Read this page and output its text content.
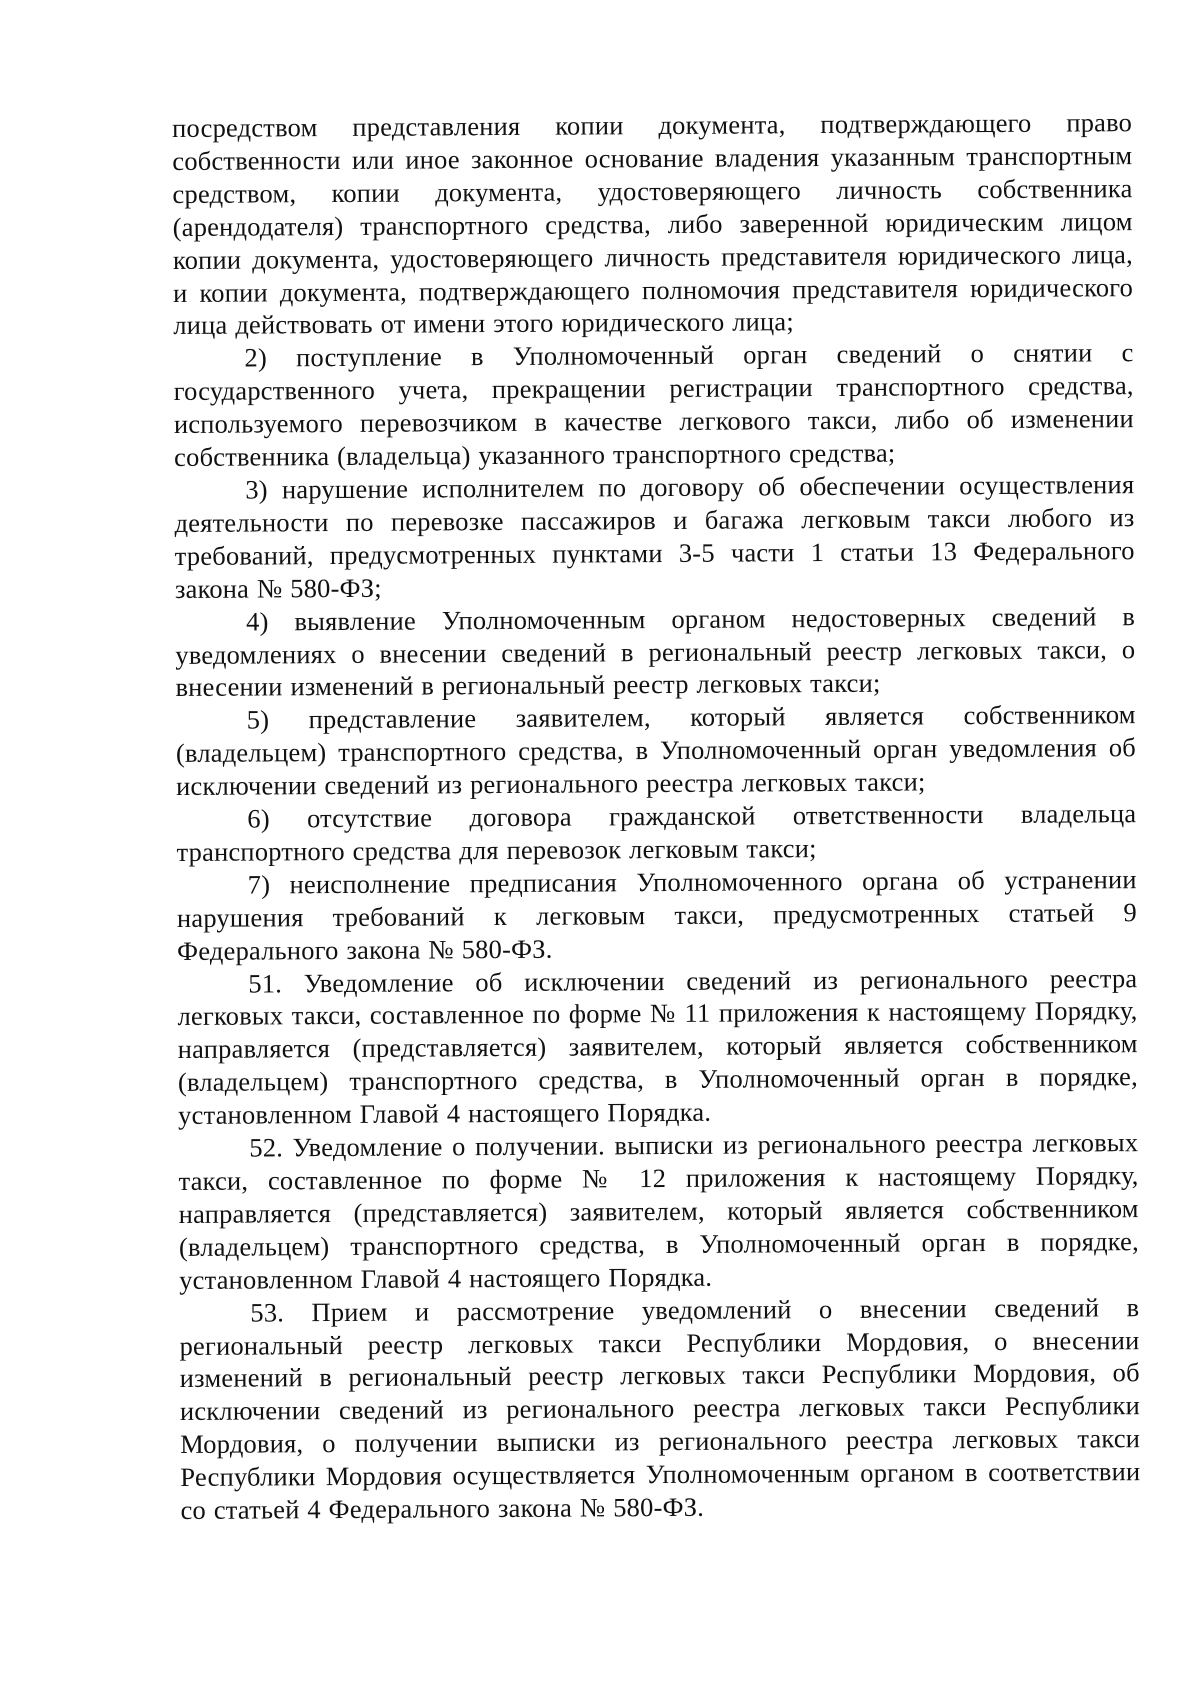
посредством представления копии документа, подтверждающего право собственности или иное законное основание владения указанным транспортным средством, копии документа, удостоверяющего личность собственника (арендодателя) транспортного средства, либо заверенной юридическим лицом копии документа, удостоверяющего личность представителя юридического лица, и копии документа, подтверждающего полномочия представителя юридического лица действовать от имени этого юридического лица;

2) поступление в Уполномоченный орган сведений о снятии с государственного учета, прекращении регистрации транспортного средства, используемого перевозчиком в качестве легкового такси, либо об изменении собственника (владельца) указанного транспортного средства;

3) нарушение исполнителем по договору об обеспечении осуществления деятельности по перевозке пассажиров и багажа легковым такси любого из требований, предусмотренных пунктами 3-5 части 1 статьи 13 Федерального закона № 580-ФЗ;

4) выявление Уполномоченным органом недостоверных сведений в уведомлениях о внесении сведений в региональный реестр легковых такси, о внесении изменений в региональный реестр легковых такси;

5) представление заявителем, который является собственником (владельцем) транспортного средства, в Уполномоченный орган уведомления об исключении сведений из регионального реестра легковых такси;

6) отсутствие договора гражданской ответственности владельца транспортного средства для перевозок легковым такси;

7) неисполнение предписания Уполномоченного органа об устранении нарушения требований к легковым такси, предусмотренных статьей 9 Федерального закона № 580-ФЗ.

51. Уведомление об исключении сведений из регионального реестра легковых такси, составленное по форме № 11 приложения к настоящему Порядку, направляется (представляется) заявителем, который является собственником (владельцем) транспортного средства, в Уполномоченный орган в порядке, установленном Главой 4 настоящего Порядка.

52. Уведомление о получении. выписки из регионального реестра легковых такси, составленное по форме № 12 приложения к настоящему Порядку, направляется (представляется) заявителем, который является собственником (владельцем) транспортного средства, в Уполномоченный орган в порядке, установленном Главой 4 настоящего Порядка.

53. Прием и рассмотрение уведомлений о внесении сведений в региональный реестр легковых такси Республики Мордовия, о внесении изменений в региональный реестр легковых такси Республики Мордовия, об исключении сведений из регионального реестра легковых такси Республики Мордовия, о получении выписки из регионального реестра легковых такси Республики Мордовия осуществляется Уполномоченным органом в соответствии со статьей 4 Федерального закона № 580-ФЗ.
